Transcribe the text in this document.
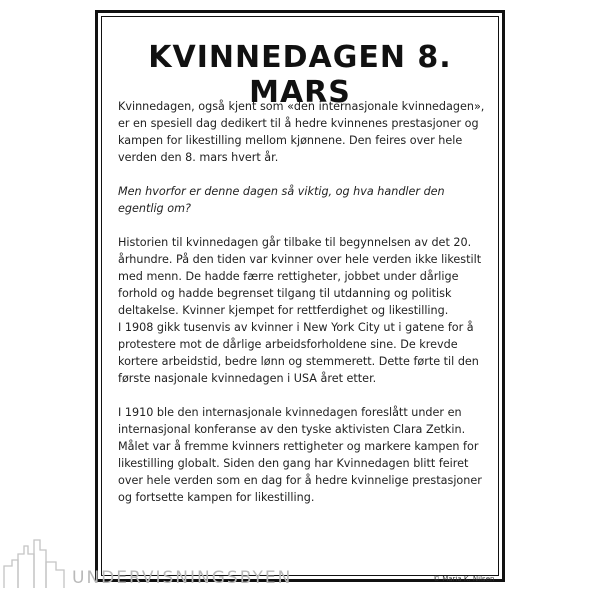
KVINNEDAGEN 8. MARS

Kvinnedagen, også kjent som «den internasjonale kvinnedagen», er en spesiell dag dedikert til å hedre kvinnenes prestasjoner og kampen for likestilling mellom kjønnene. Den feires over hele verden den 8. mars hvert år.

Men hvorfor er denne dagen så viktig, og hva handler den egentlig om?

Historien til kvinnedagen går tilbake til begynnelsen av det 20. århundre. På den tiden var kvinner over hele verden ikke likestilt med menn. De hadde færre rettigheter, jobbet under dårlige forhold og hadde begrenset tilgang til utdanning og politisk deltakelse. Kvinner kjempet for rettferdighet og likestilling.

I 1908 gikk tusenvis av kvinner i New York City ut i gatene for å protestere mot de dårlige arbeidsforholdene sine. De krevde kortere arbeidstid, bedre lønn og stemmerett. Dette førte til den første nasjonale kvinnedagen i USA året etter.

I 1910 ble den internasjonale kvinnedagen foreslått under en internasjonal konferanse av den tyske aktivisten Clara Zetkin. Målet var å fremme kvinners rettigheter og markere kampen for likestilling globalt. Siden den gang har Kvinnedagen blitt feiret over hele verden som en dag for å hedre kvinnelige prestasjoner og fortsette kampen for likestilling.

UNDERVISNINGSBYEN	© Maria K. Nilsen
